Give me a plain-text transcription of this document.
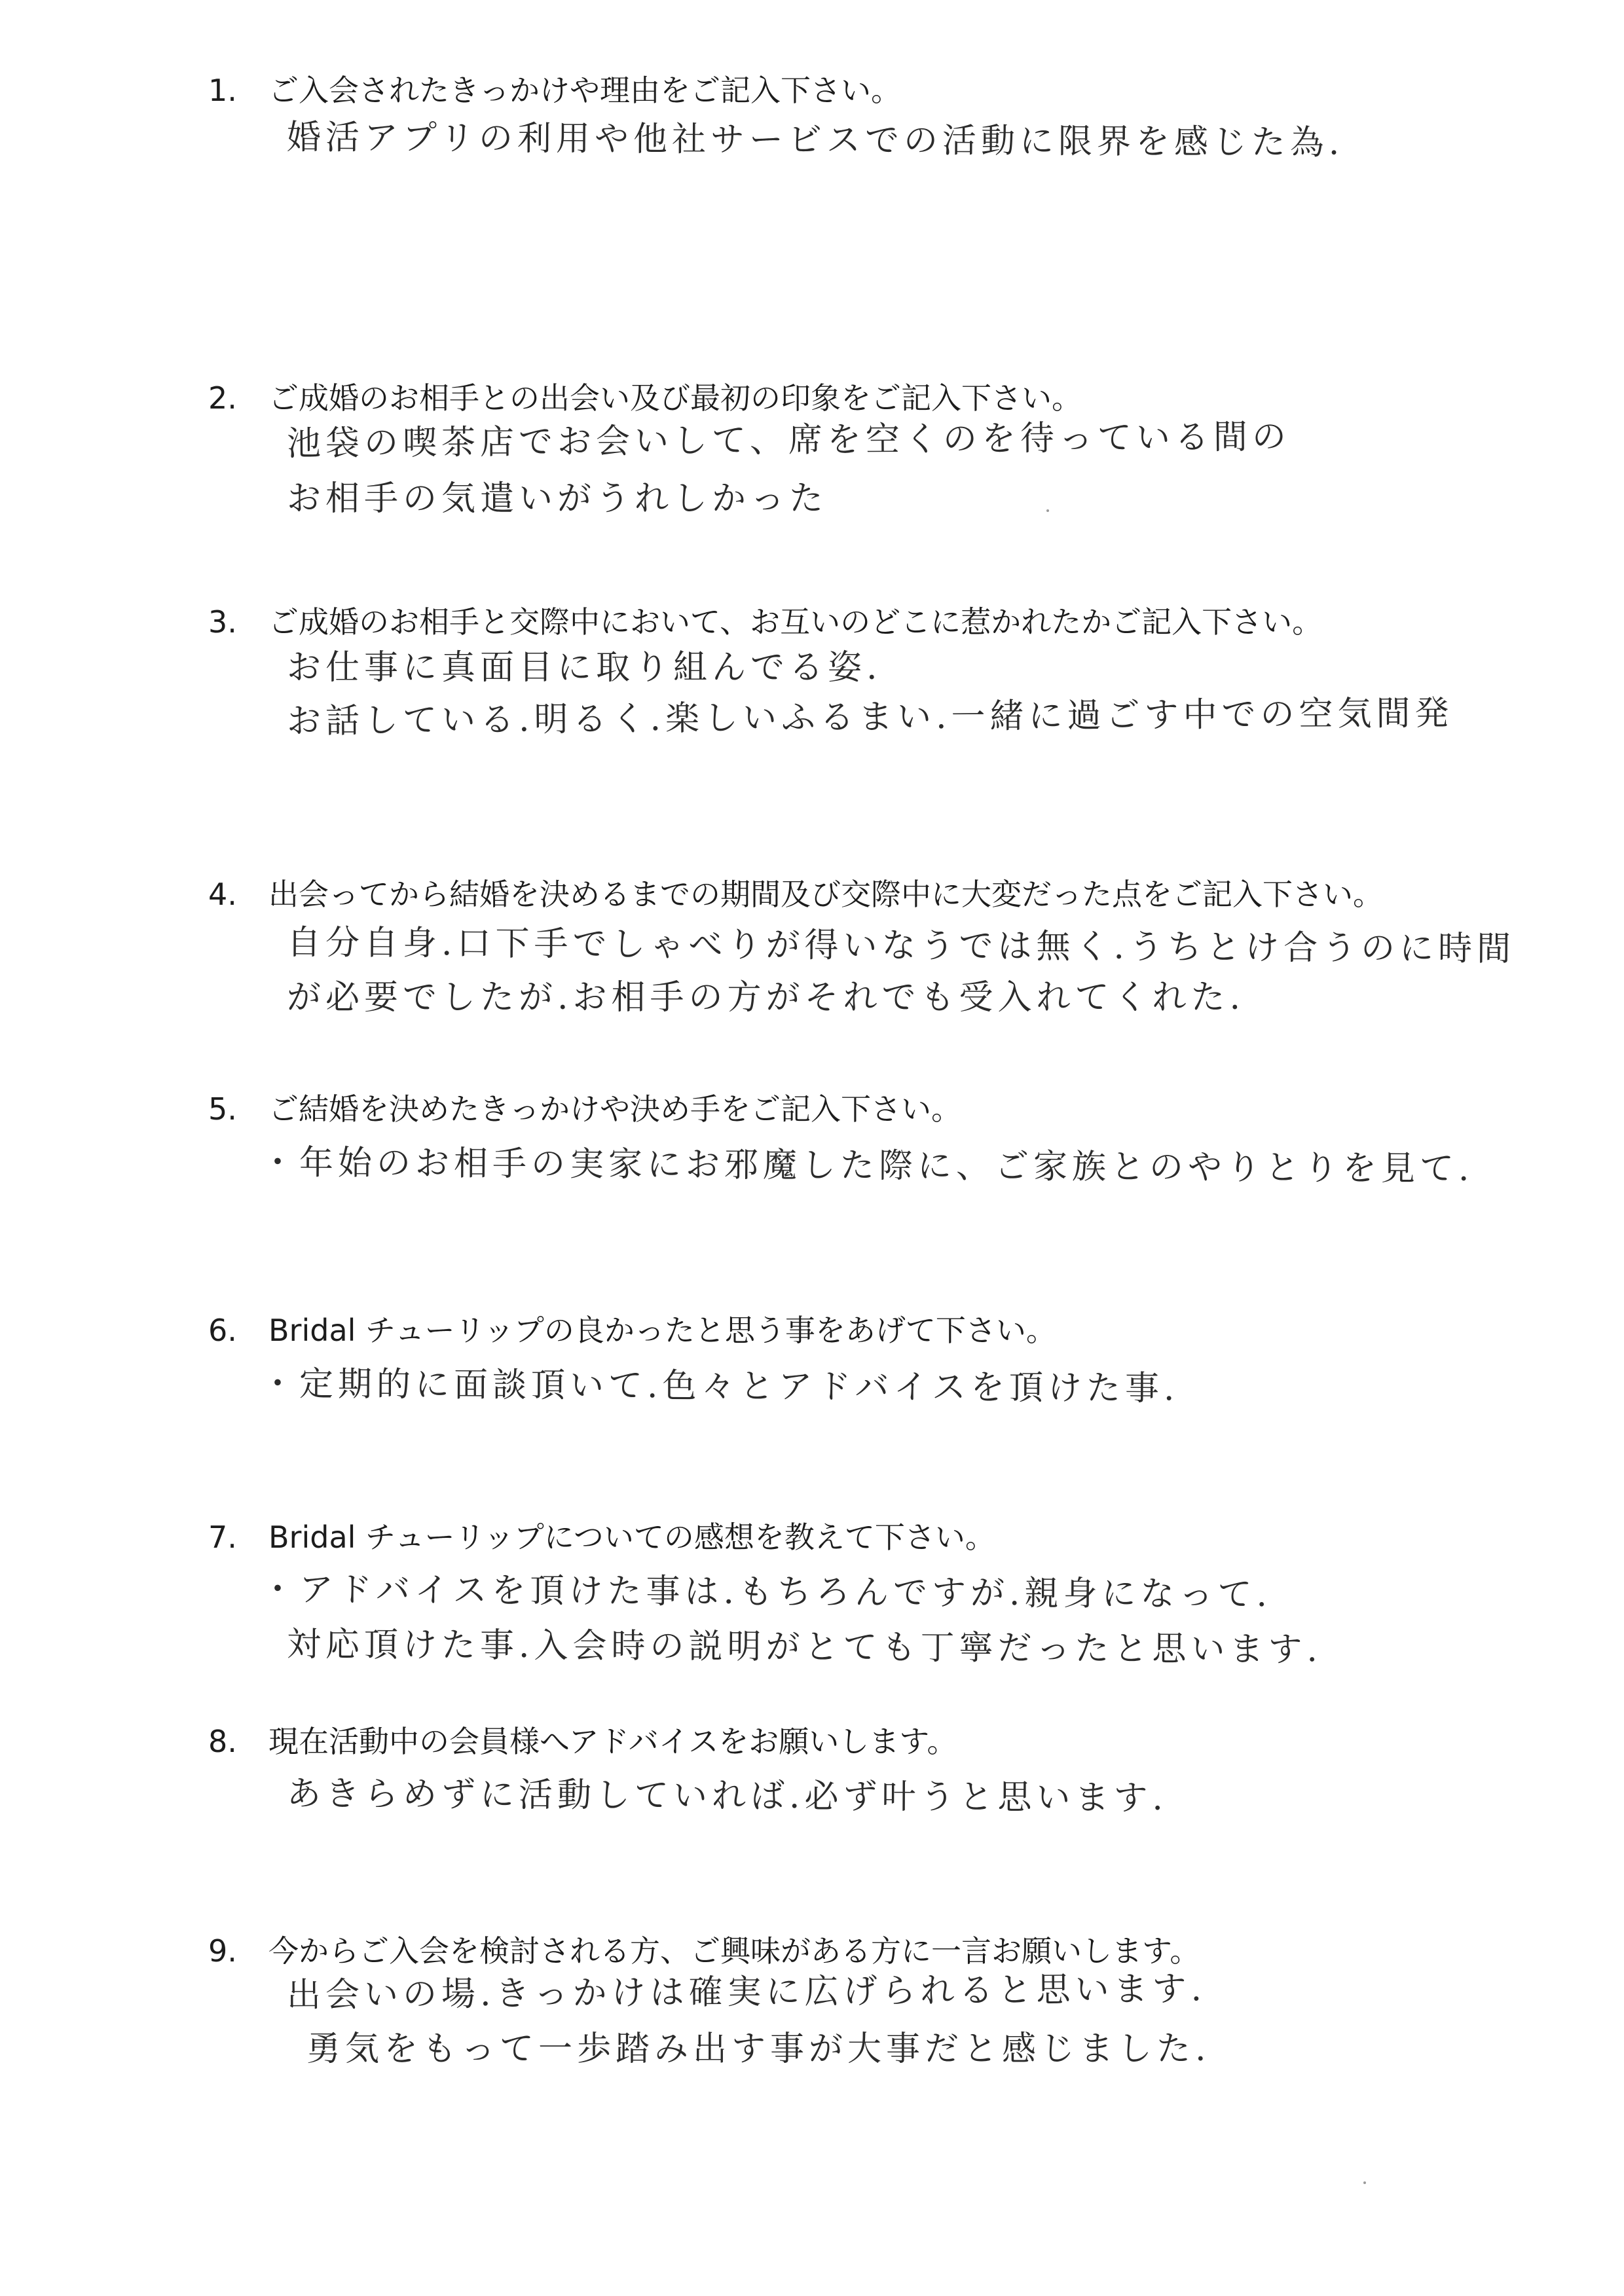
1.	ご入会されたきっかけや理由をご記入下さい。
婚活アプリの利用や他社サービスでの活動に限界を感じた為.
2.	ご成婚のお相手との出会い及び最初の印象をご記入下さい。
池袋の喫茶店でお会いして、席を空くのを待っている間の
お相手の気遣いがうれしかった
3.	ご成婚のお相手と交際中において、お互いのどこに惹かれたかご記入下さい。
お仕事に真面目に取り組んでる姿.
お話している.明るく.楽しいふるまい.一緒に過ごす中での空気間発
4.	出会ってから結婚を決めるまでの期間及び交際中に大変だった点をご記入下さい。
自分自身.口下手でしゃべりが得いなうでは無く.うちとけ合うのに時間
が必要でしたが.お相手の方がそれでも受入れてくれた.
5.	ご結婚を決めたきっかけや決め手をご記入下さい。
・年始のお相手の実家にお邪魔した際に、ご家族とのやりとりを見て.
6.	Bridal チューリップの良かったと思う事をあげて下さい。
・定期的に面談頂いて.色々とアドバイスを頂けた事.
7.	Bridal チューリップについての感想を教えて下さい。
・アドバイスを頂けた事は.もちろんですが.親身になって.
対応頂けた事.入会時の説明がとても丁寧だったと思います.
8.	現在活動中の会員様へアドバイスをお願いします。
あきらめずに活動していれば.必ず叶うと思います.
9.	今からご入会を検討される方、ご興味がある方に一言お願いします。
出会いの場.きっかけは確実に広げられると思います.
勇気をもって一歩踏み出す事が大事だと感じました.
